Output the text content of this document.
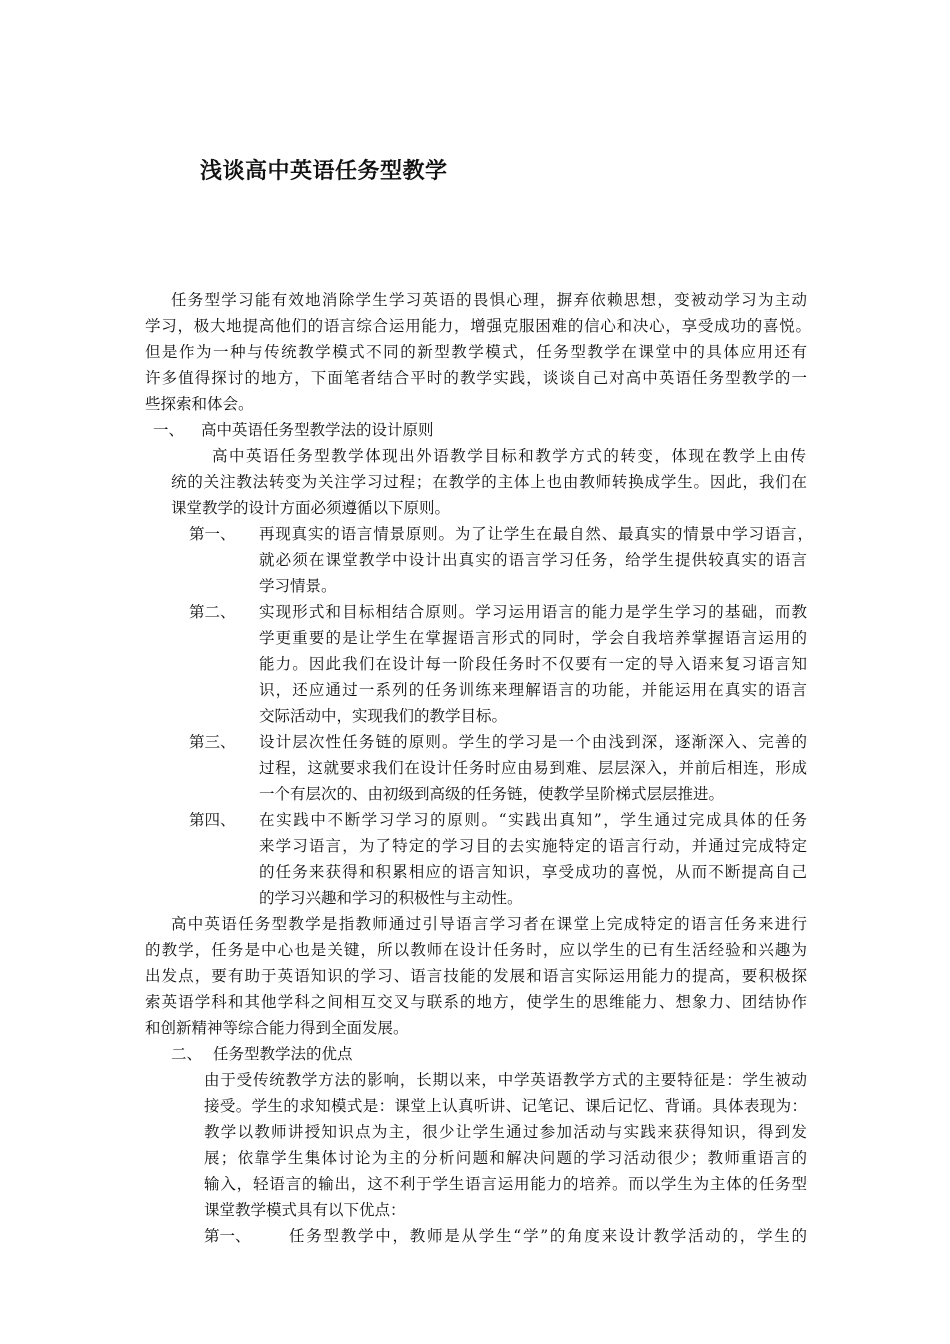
浅谈高中英语任务型教学
任务型学习能有效地消除学生学习英语的畏惧心理，摒弃依赖思想，变被动学习为主动
学习，极大地提高他们的语言综合运用能力，增强克服困难的信心和决心，享受成功的喜悦。
但是作为一种与传统教学模式不同的新型教学模式，任务型教学在课堂中的具体应用还有
许多值得探讨的地方，下面笔者结合平时的教学实践，谈谈自己对高中英语任务型教学的一
些探索和体会。
一、 高中英语任务型教学法的设计原则
高中英语任务型教学体现出外语教学目标和教学方式的转变，体现在教学上由传
统的关注教法转变为关注学习过程；在教学的主体上也由教师转换成学生。因此，我们在
课堂教学的设计方面必须遵循以下原则。
第一、 再现真实的语言情景原则。为了让学生在最自然、最真实的情景中学习语言，
就必须在课堂教学中设计出真实的语言学习任务，给学生提供较真实的语言
学习情景。
第二、 实现形式和目标相结合原则。学习运用语言的能力是学生学习的基础，而教
学更重要的是让学生在掌握语言形式的同时，学会自我培养掌握语言运用的
能力。因此我们在设计每一阶段任务时不仅要有一定的导入语来复习语言知
识，还应通过一系列的任务训练来理解语言的功能，并能运用在真实的语言
交际活动中，实现我们的教学目标。
第三、 设计层次性任务链的原则。学生的学习是一个由浅到深，逐渐深入、完善的
过程，这就要求我们在设计任务时应由易到难、层层深入，并前后相连，形成
一个有层次的、由初级到高级的任务链，使教学呈阶梯式层层推进。
第四、 在实践中不断学习学习的原则。“实践出真知”，学生通过完成具体的任务
来学习语言，为了特定的学习目的去实施特定的语言行动，并通过完成特定
的任务来获得和积累相应的语言知识，享受成功的喜悦，从而不断提高自己
的学习兴趣和学习的积极性与主动性。
高中英语任务型教学是指教师通过引导语言学习者在课堂上完成特定的语言任务来进行
的教学，任务是中心也是关键，所以教师在设计任务时，应以学生的已有生活经验和兴趣为
出发点，要有助于英语知识的学习、语言技能的发展和语言实际运用能力的提高，要积极探
索英语学科和其他学科之间相互交叉与联系的地方，使学生的思维能力、想象力、团结协作
和创新精神等综合能力得到全面发展。
二、 任务型教学法的优点
由于受传统教学方法的影响，长期以来，中学英语教学方式的主要特征是：学生被动
接受。学生的求知模式是：课堂上认真听讲、记笔记、课后记忆、背诵。具体表现为：
教学以教师讲授知识点为主，很少让学生通过参加活动与实践来获得知识，得到发
展；依靠学生集体讨论为主的分析问题和解决问题的学习活动很少；教师重语言的
输入，轻语言的输出，这不利于学生语言运用能力的培养。而以学生为主体的任务型
课堂教学模式具有以下优点：
第一、 任务型教学中，教师是从学生“学”的角度来设计教学活动的，学生的
